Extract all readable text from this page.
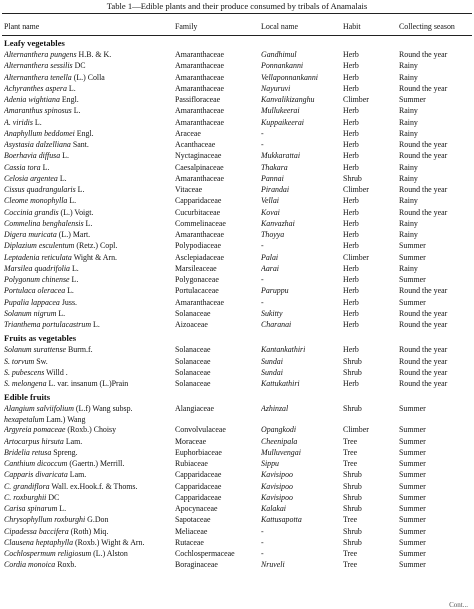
Table 1—Edible plants and their produce consumed by tribals of Anamalais
Plant name	Family	Local name	Habit	Collecting season
Leafy vegetables				
Alternanthera pungens H.B. & K.	Amaranthaceae	Gandhimul	Herb	Round the year
Alternanthera sessilis DC	Amaranthaceae	Ponnankanni	Herb	Rainy
Alternanthera tenella (L.) Colla	Amaranthaceae	Vellaponnankanni	Herb	Rainy
Achyranthes aspera L.	Amaranthaceae	Nayuruvi	Herb	Round the year
Adenia wightiana Engl.	Passifloraceae	Kanvalikizanghu	Climber	Summer
Amaranthus spinosus L.	Amaranthaceae	Mullukeerai	Herb	Rainy
A. viridis L.	Amaranthaceae	Kuppaikeerai	Herb	Rainy
Anaphyllum beddomei Engl.	Araceae	-	Herb	Rainy
Asystasia dalzelliana Sant.	Acanthaceae	-	Herb	Round the year
Boerhavia diffusa L.	Nyctaginaceae	Mukkarattai	Herb	Round the year
Cassia tora L.	Caesalpinaceae	Thakara	Herb	Rainy
Celosia argentea L.	Amaranthaceae	Pannai	Shrub	Rainy
Cissus quadrangularis L.	Vitaceae	Pirandai	Climber	Round the year
Cleome monophylla L.	Capparidaceae	Vellai	Herb	Rainy
Coccinia grandis (L.) Voigt.	Cucurbitaceae	Kovai	Herb	Round the year
Commelina benghalensis L.	Commelinaceae	Kanvazhai	Herb	Rainy
Digera muricata (L.) Mart.	Amaranthaceae	Thoyya	Herb	Rainy
Diplazium esculentum (Retz.) Copl.	Polypodiaceae	-	Herb	Summer
Leptadenia reticulata Wight & Arn.	Asclepiadaceae	Palai	Climber	Summer
Marsilea quadrifolia L.	Marsileaceae	Aarai	Herb	Rainy
Polygonum chinense L.	Polygonaceae	-	Herb	Summer
Portulaca oleracea L.	Portulacaceae	Paruppu	Herb	Round the year
Pupalia lappacea Juss.	Amaranthaceae	-	Herb	Summer
Solanum nigrum L.	Solanaceae	Sukitty	Herb	Round the year
Trianthema portulacastrum L.	Aizoaceae	Charanai	Herb	Round the year
Fruits as vegetables				
Solanum surattense Burm.f.	Solanaceae	Kantankathiri	Herb	Round the year
S. torvum Sw.	Solanaceae	Sundai	Shrub	Round the year
S. pubescens Willd .	Solanaceae	Sundai	Shrub	Round the year
S. melongena L. var. insanum (L.)Prain	Solanaceae	Kattukathiri	Herb	Round the year
Edible fruits				
Alangium salviifolium (L.f) Wang subsp.
hexapetalum Lam.) Wang	Alangiaceae	Azhinzal	Shrub	Summer
Argyreia pomaceae (Roxb.) Choisy	Convolvulaceae	Opangkodi	Climber	Summer
Artocarpus hirsuta Lam.	Moraceae	Cheenipala	Tree	Summer
Bridelia retusa Spreng.	Euphorbiaceae	Mulluvengai	Tree	Summer
Canthium dicoccum (Gaertn.) Merrill.	Rubiaceae	Sippu	Tree	Summer
Capparis divaricata Lam.	Capparidaceae	Kavisipoo	Shrub	Summer
C. grandiflora Wall. ex.Hook.f. & Thoms.	Capparidaceae	Kavisipoo	Shrub	Summer
C. roxburghii DC	Capparidaceae	Kavisipoo	Shrub	Summer
Carisa spinarum L.	Apocynaceae	Kalakai	Shrub	Summer
Chrysophyllum roxburghi G.Don	Sapotaceae	Kattusapotta	Tree	Summer
Cipadessa baccifera (Roth) Miq.	Meliaceae	-	Shrub	Summer
Clausena heptaphylla (Roxb.) Wight & Arn.	Rutaceae	-	Shrub	Summer
Cochlospermum religiosum (L.) Alston	Cochlospermaceae	-	Tree	Summer
Cordia monoica Roxb.	Boraginaceae	Nruveli	Tree	Summer
Cont...
